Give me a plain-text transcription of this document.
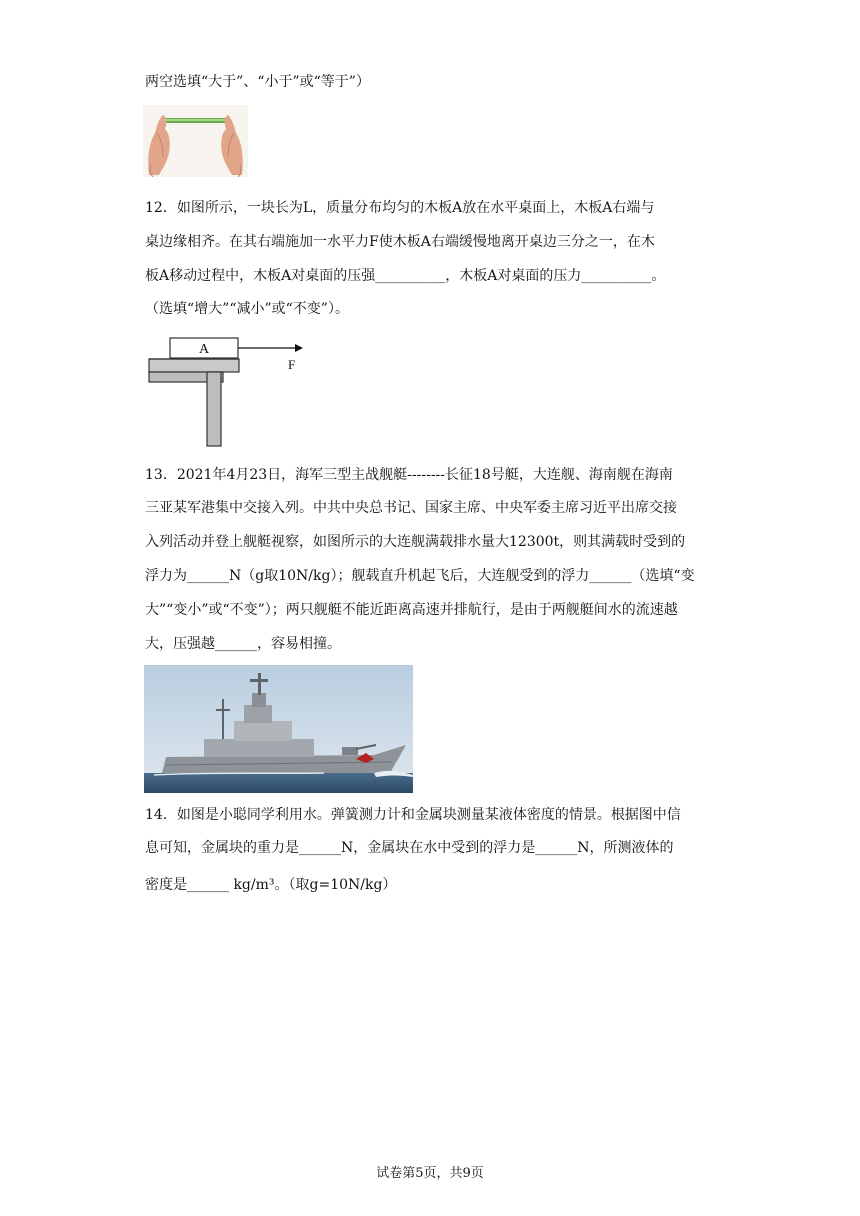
两空选填“大于”、“小于”或“等于”）
12．如图所示，一块长为L，质量分布均匀的木板A放在水平桌面上，木板A右端与
桌边缘相齐。在其右端施加一水平力F使木板A右端缓慢地离开桌边三分之一，在木
板A移动过程中，木板A对桌面的压强__________，木板A对桌面的压力__________。
（选填“增大”“减小”或“不变”）。
A
F
13．2021年4月23日，海军三型主战舰艇--------长征18号艇，大连舰、海南舰在海南
三亚某军港集中交接入列。中共中央总书记、国家主席、中央军委主席习近平出席交接
入列活动并登上舰艇视察，如图所示的大连舰满载排水量大12300t，则其满载时受到的
浮力为______N（g取10N/kg）；舰载直升机起飞后，大连舰受到的浮力______（选填“变
大”“变小”或“不变”）；两只舰艇不能近距离高速并排航行，是由于两舰艇间水的流速越
大，压强越______，容易相撞。
14．如图是小聪同学利用水。弹簧测力计和金属块测量某液体密度的情景。根据图中信
息可知，金属块的重力是______N，金属块在水中受到的浮力是______N，所测液体的
密度是______ kg/m³。（取g=10N/kg）
试卷第5页，共9页
